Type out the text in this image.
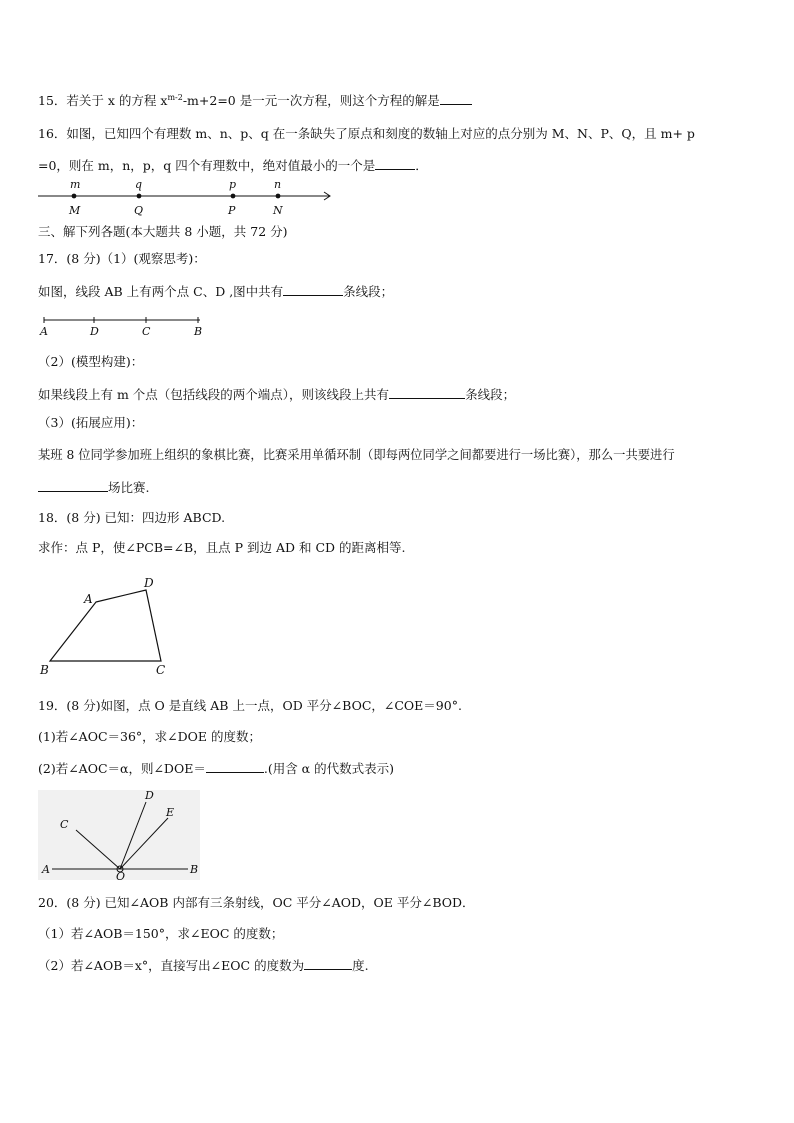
15．若关于 x 的方程 $x^{m-2}-m+2=0$ 是一元一次方程，则这个方程的解是
16．如图，已知四个有理数 m、n、p、q 在一条缺失了原点和刻度的数轴上对应的点分别为 M、N、P、Q，且 m+ p
=0，则在 m，n，p，q 四个有理数中，绝对值最小的一个是	．
m	q	p	n
M	Q	P	N
三、解下列各题(本大题共 8 小题，共 72 分)
17．(8 分)（1）(观察思考)：
如图，线段 AB 上有两个点 C、D ,图中共有	条线段；
A	D	C	B
（2）(模型构建)：
如果线段上有 m 个点（包括线段的两个端点），则该线段上共有	条线段；
（3）(拓展应用)：
某班 8 位同学参加班上组织的象棋比赛，比赛采用单循环制（即每两位同学之间都要进行一场比赛），那么一共要进行
场比赛.
18．(8 分) 已知：四边形 ABCD.
求作：点 P，使∠PCB=∠B，且点 P 到边 AD 和 CD 的距离相等.
A
B	C
D
19．(8 分)如图，点 O 是直线 AB 上一点，OD 平分∠BOC，∠COE＝90°.
(1)若∠AOC＝36°，求∠DOE 的度数；
(2)若∠AOC＝α，则∠DOE＝	.(用含 α 的代数式表示)
A	B
O
C
D
E
20．(8 分) 已知∠AOB 内部有三条射线，OC 平分∠AOD，OE 平分∠BOD．
（1）若∠AOB＝150°，求∠EOC 的度数；
（2）若∠AOB＝x°，直接写出∠EOC 的度数为	度.
